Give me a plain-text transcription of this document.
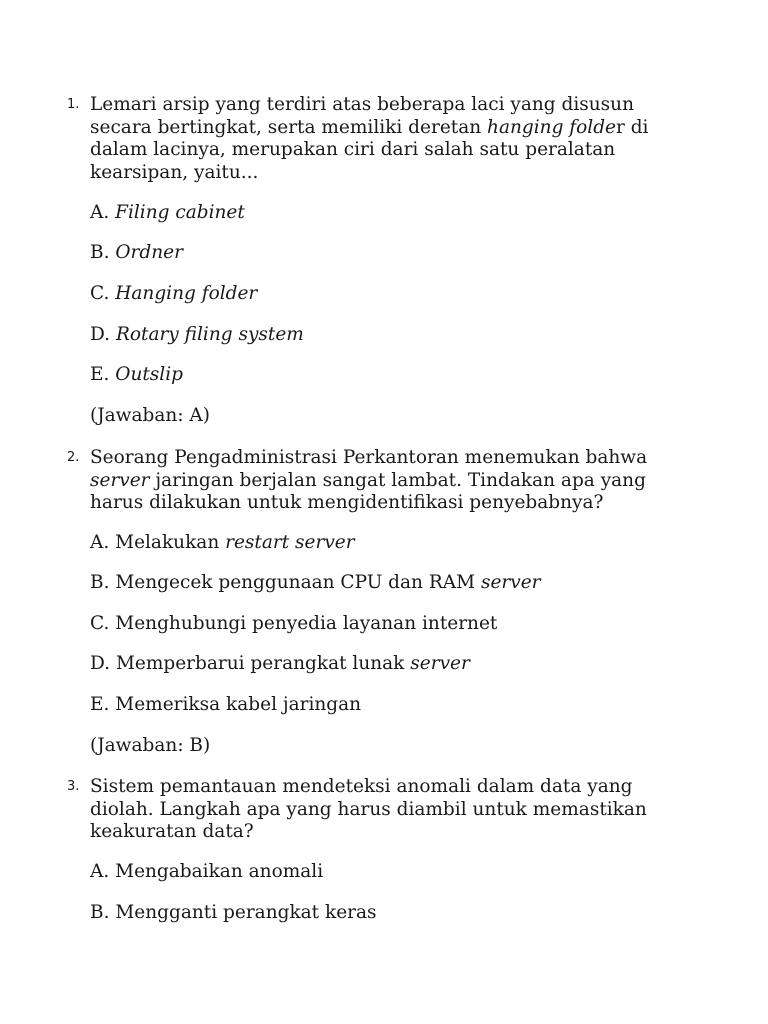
1. Lemari arsip yang terdiri atas beberapa laci yang disusun
secara bertingkat, serta memiliki deretan hanging folder di
dalam lacinya, merupakan ciri dari salah satu peralatan
kearsipan, yaitu...
A. Filing cabinet
B. Ordner
C. Hanging folder
D. Rotary filing system
E. Outslip
(Jawaban: A)
2. Seorang Pengadministrasi Perkantoran menemukan bahwa
server jaringan berjalan sangat lambat. Tindakan apa yang
harus dilakukan untuk mengidentifikasi penyebabnya?
A. Melakukan restart server
B. Mengecek penggunaan CPU dan RAM server
C. Menghubungi penyedia layanan internet
D. Memperbarui perangkat lunak server
E. Memeriksa kabel jaringan
(Jawaban: B)
3. Sistem pemantauan mendeteksi anomali dalam data yang
diolah. Langkah apa yang harus diambil untuk memastikan
keakuratan data?
A. Mengabaikan anomali
B. Mengganti perangkat keras
